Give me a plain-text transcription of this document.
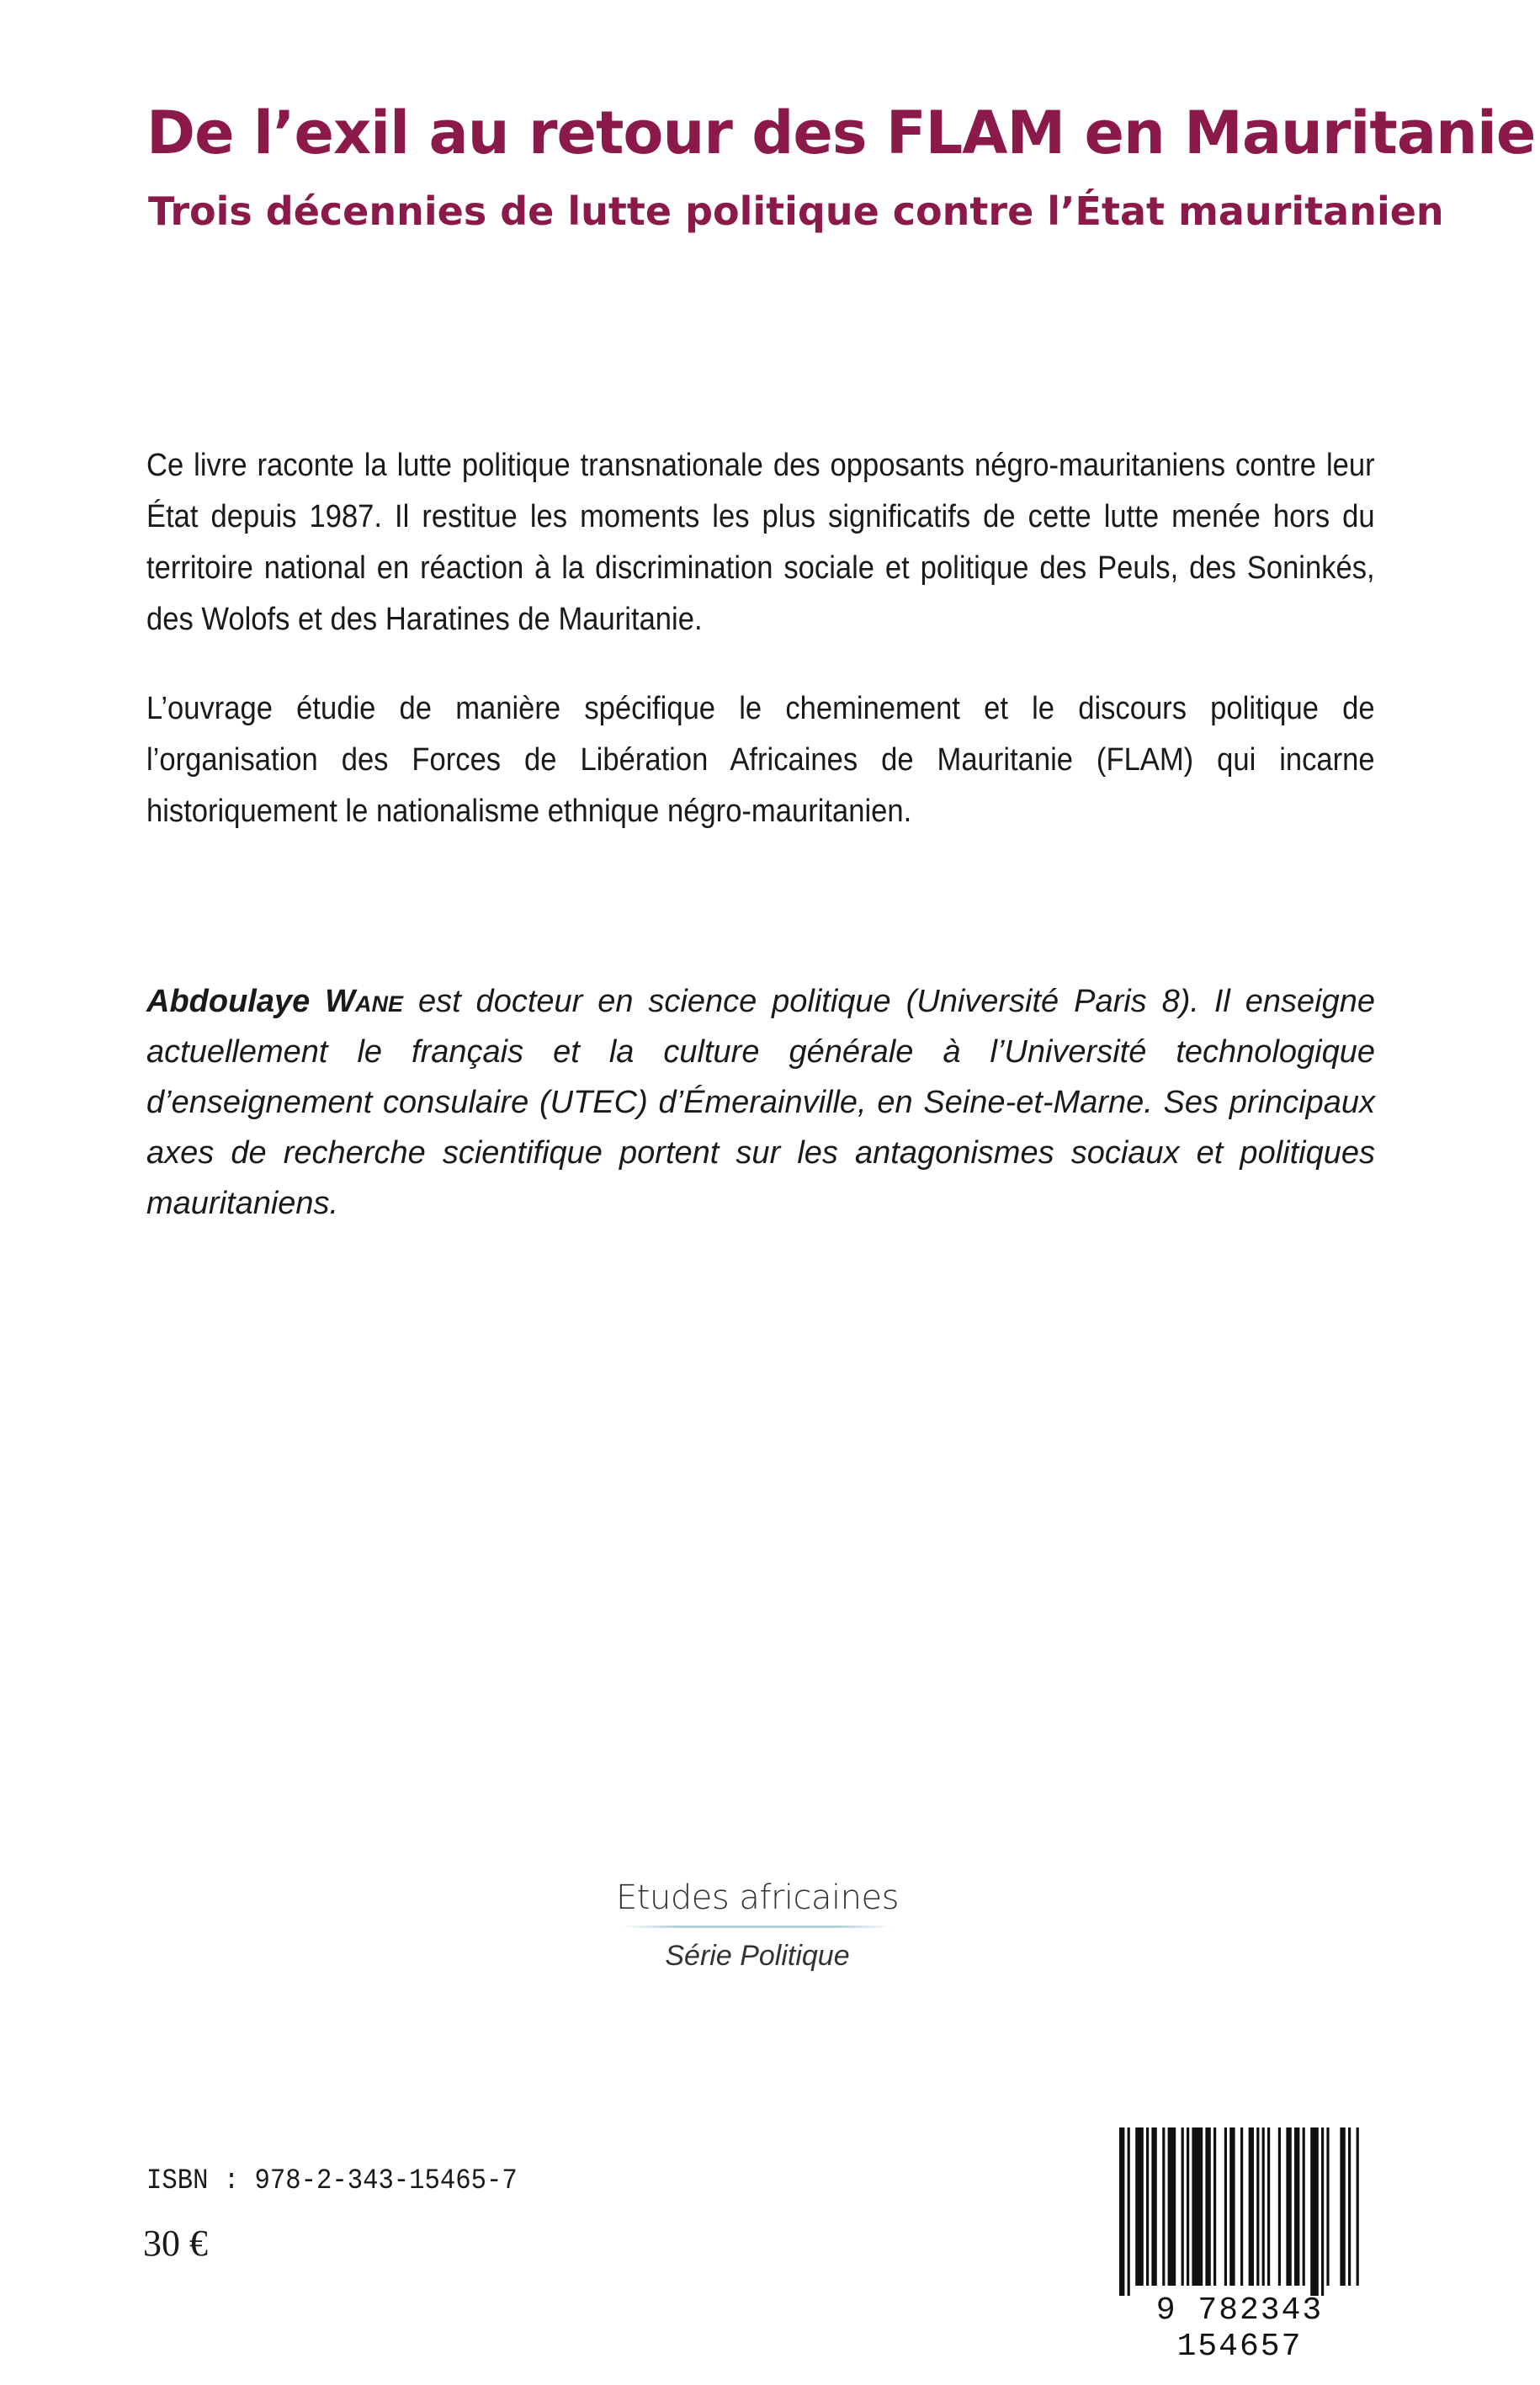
De l’exil au retour des FLAM en Mauritanie
Trois décennies de lutte politique contre l’État mauritanien

Ce livre raconte la lutte politique transnationale des opposants négro-mauritaniens contre leur État depuis 1987. Il restitue les moments les plus significatifs de cette lutte menée hors du territoire national en réaction à la discrimination sociale et politique des Peuls, des Soninkés, des Wolofs et des Haratines de Mauritanie.

L’ouvrage étudie de manière spécifique le cheminement et le discours politique de l’organisation des Forces de Libération Africaines de Mauritanie (FLAM) qui incarne historiquement le nationalisme ethnique négro-mauritanien.

Abdoulaye Wane est docteur en science politique (Université Paris 8). Il enseigne actuellement le français et la culture générale à l’Université technologique d’enseignement consulaire (UTEC) d’Émerainville, en Seine-et-Marne. Ses principaux axes de recherche scientifique portent sur les antagonismes sociaux et politiques mauritaniens.

Etudes africaines
Série Politique
ISBN : 978-2-343-15465-7
30 €
9 782343 154657
